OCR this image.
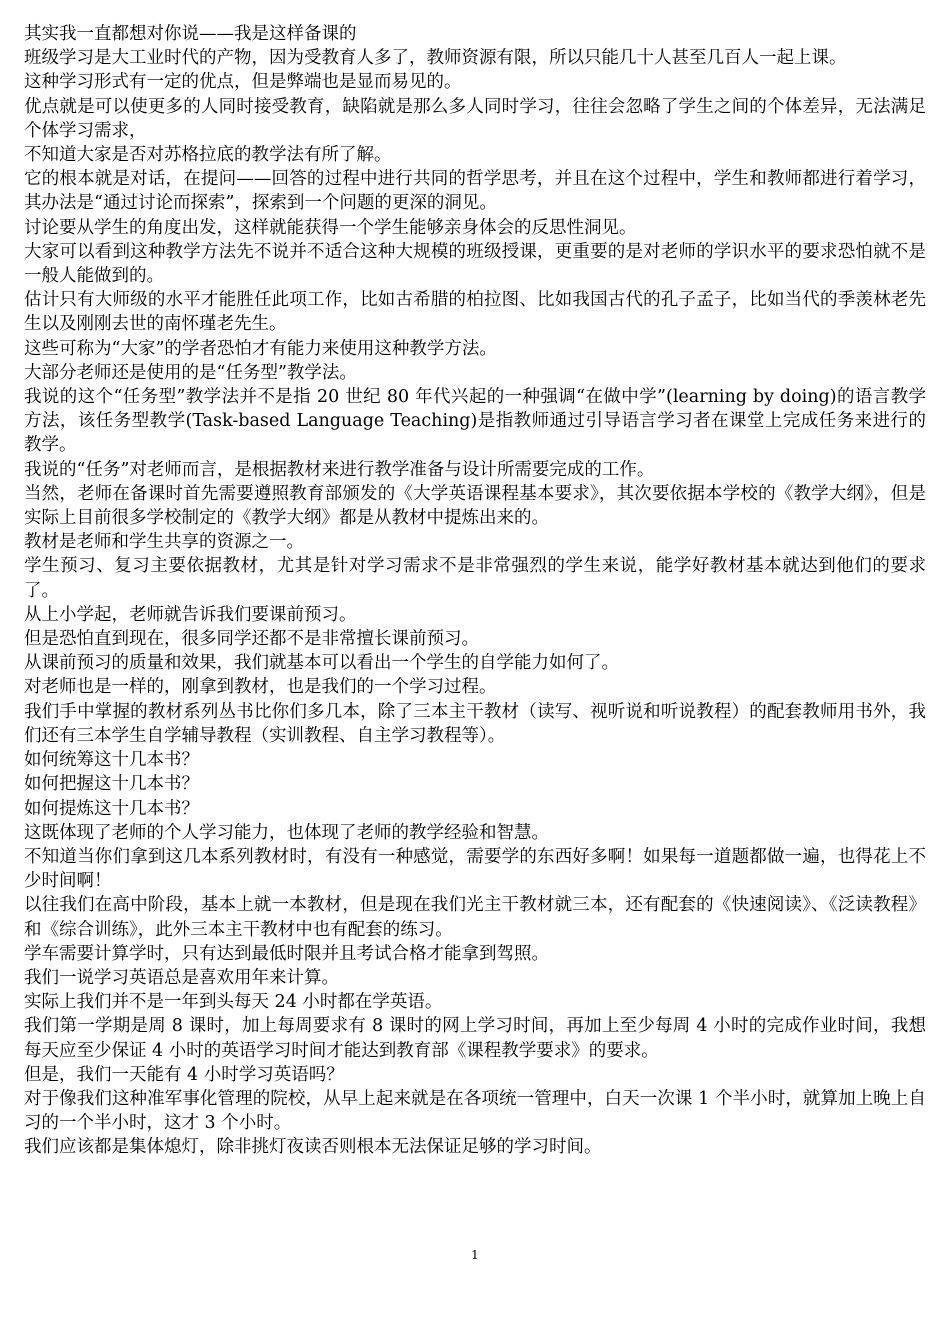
其实我一直都想对你说——我是这样备课的

班级学习是大工业时代的产物，因为受教育人多了，教师资源有限，所以只能几十人甚至几百人一起上课。

这种学习形式有一定的优点，但是弊端也是显而易见的。

优点就是可以使更多的人同时接受教育，缺陷就是那么多人同时学习，往往会忽略了学生之间的个体差异，无法满足个体学习需求，

不知道大家是否对苏格拉底的教学法有所了解。

它的根本就是对话，在提问——回答的过程中进行共同的哲学思考，并且在这个过程中，学生和教师都进行着学习，其办法是“通过讨论而探索”，探索到一个问题的更深的洞见。

讨论要从学生的角度出发，这样就能获得一个学生能够亲身体会的反思性洞见。

大家可以看到这种教学方法先不说并不适合这种大规模的班级授课，更重要的是对老师的学识水平的要求恐怕就不是一般人能做到的。

估计只有大师级的水平才能胜任此项工作，比如古希腊的柏拉图、比如我国古代的孔子孟子，比如当代的季羡林老先生以及刚刚去世的南怀瑾老先生。

这些可称为“大家”的学者恐怕才有能力来使用这种教学方法。

大部分老师还是使用的是“任务型”教学法。

我说的这个“任务型”教学法并不是指 20 世纪 80 年代兴起的一种强调“在做中学”(learning by doing)的语言教学方法，该任务型教学(Task-based Language Teaching)是指教师通过引导语言学习者在课堂上完成任务来进行的教学。

我说的“任务”对老师而言，是根据教材来进行教学准备与设计所需要完成的工作。

当然，老师在备课时首先需要遵照教育部颁发的《大学英语课程基本要求》，其次要依据本学校的《教学大纲》，但是实际上目前很多学校制定的《教学大纲》都是从教材中提炼出来的。

教材是老师和学生共享的资源之一。

学生预习、复习主要依据教材，尤其是针对学习需求不是非常强烈的学生来说，能学好教材基本就达到他们的要求了。

从上小学起，老师就告诉我们要课前预习。

但是恐怕直到现在，很多同学还都不是非常擅长课前预习。

从课前预习的质量和效果，我们就基本可以看出一个学生的自学能力如何了。

对老师也是一样的，刚拿到教材，也是我们的一个学习过程。

我们手中掌握的教材系列丛书比你们多几本，除了三本主干教材（读写、视听说和听说教程）的配套教师用书外，我们还有三本学生自学辅导教程（实训教程、自主学习教程等）。

如何统筹这十几本书？

如何把握这十几本书？

如何提炼这十几本书？

这既体现了老师的个人学习能力，也体现了老师的教学经验和智慧。

不知道当你们拿到这几本系列教材时，有没有一种感觉，需要学的东西好多啊！如果每一道题都做一遍，也得花上不少时间啊！

以往我们在高中阶段，基本上就一本教材，但是现在我们光主干教材就三本，还有配套的《快速阅读》、《泛读教程》和《综合训练》，此外三本主干教材中也有配套的练习。

学车需要计算学时，只有达到最低时限并且考试合格才能拿到驾照。

我们一说学习英语总是喜欢用年来计算。

实际上我们并不是一年到头每天 24 小时都在学英语。

我们第一学期是周 8 课时，加上每周要求有 8 课时的网上学习时间，再加上至少每周 4 小时的完成作业时间，我想每天应至少保证 4 小时的英语学习时间才能达到教育部《课程教学要求》的要求。

但是，我们一天能有 4 小时学习英语吗？

对于像我们这种准军事化管理的院校，从早上起来就是在各项统一管理中，白天一次课 1 个半小时，就算加上晚上自习的一个半小时，这才 3 个小时。

我们应该都是集体熄灯，除非挑灯夜读否则根本无法保证足够的学习时间。

1
